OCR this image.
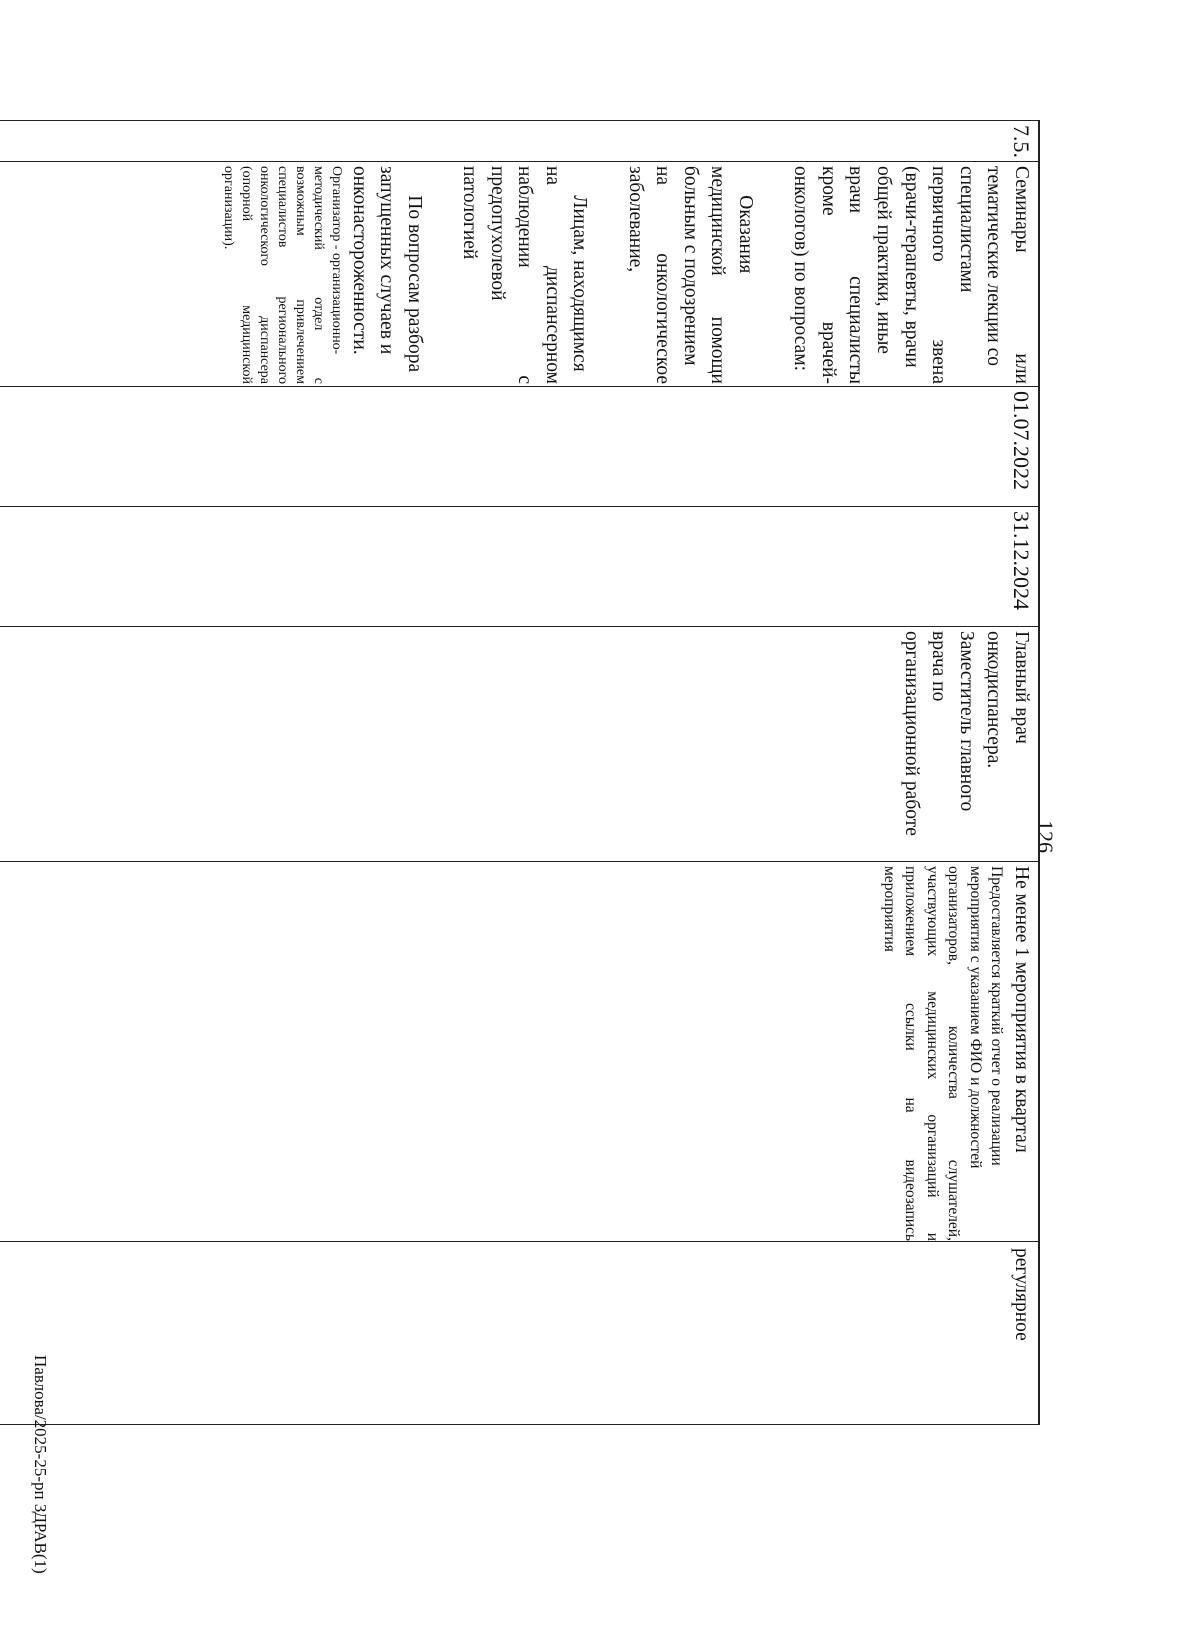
126
7.5.
Семинары
или
тематические лекции со
специалистами
первичного
звена
(врачи-терапевты, врачи
общей практики, иные
врачи
специалисты
кроме
врачей-
онкологов) по вопросам:

Оказания
медицинской
помощи
больным с подозрением
на
онкологическое
заболевание,

Лицам, находящимся
на
диспансерном
наблюдении
с
предопухолевой
патологией

По вопросам разбора
запущенных случаев и
онконастороженности.
Организатор - организационно-
методический
отдел
с
возможным
привлечением
специалистов
регионального
онкологического
диспансера
(опорной
медицинской
организации).
01.07.2022
31.12.2024
Главный врач
онкодиспансера.
Заместитель главного
врача по
организационной работе

Не менее 1 мероприятия в квартал

Предоставляется краткий отчет о реализации
мероприятия с указанием ФИО и должностей
организаторов,
количества
слушателей,
участвующих
медицинских
организаций
и
приложением
ссылки
на
видеозапись
мероприятия
регулярное
Павлова/2025-25-рп ЗДРАВ(1)
